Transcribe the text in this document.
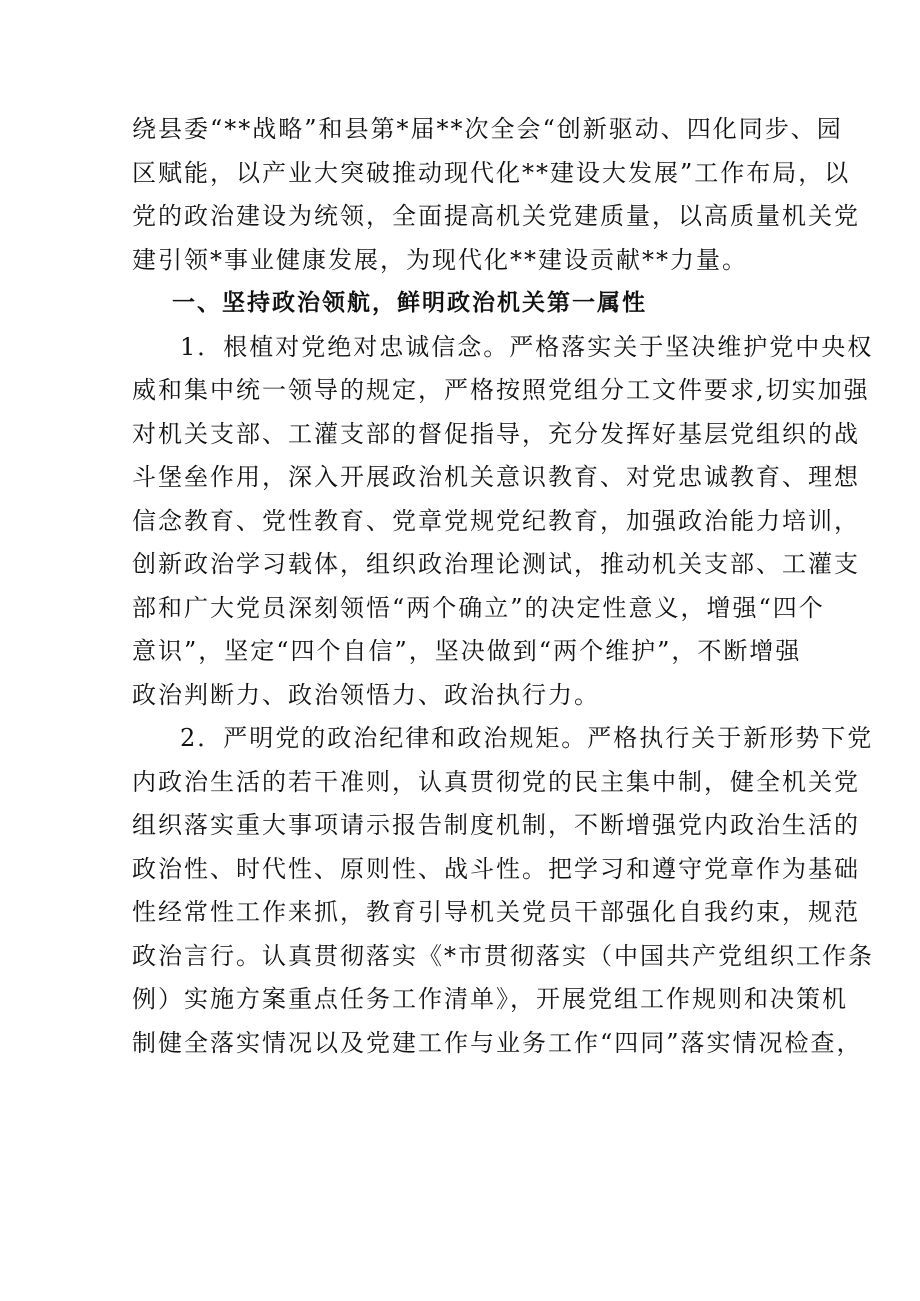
绕县委“**战略”和县第*届**次全会“创新驱动、四化同步、园
区赋能，以产业大突破推动现代化**建设大发展”工作布局，以
党的政治建设为统领，全面提高机关党建质量，以高质量机关党
建引领*事业健康发展，为现代化**建设贡献**力量。
一、坚持政治领航，鲜明政治机关第一属性
1．根植对党绝对忠诚信念。严格落实关于坚决维护党中央权
威和集中统一领导的规定，严格按照党组分工文件要求,切实加强
对机关支部、工灌支部的督促指导，充分发挥好基层党组织的战
斗堡垒作用，深入开展政治机关意识教育、对党忠诚教育、理想
信念教育、党性教育、党章党规党纪教育，加强政治能力培训，
创新政治学习载体，组织政治理论测试，推动机关支部、工灌支
部和广大党员深刻领悟“两个确立”的决定性意义，增强“四个
意识”，坚定“四个自信”，坚决做到“两个维护”，不断增强
政治判断力、政治领悟力、政治执行力。
2．严明党的政治纪律和政治规矩。严格执行关于新形势下党
内政治生活的若干准则，认真贯彻党的民主集中制，健全机关党
组织落实重大事项请示报告制度机制，不断增强党内政治生活的
政治性、时代性、原则性、战斗性。把学习和遵守党章作为基础
性经常性工作来抓，教育引导机关党员干部强化自我约束，规范
政治言行。认真贯彻落实《*市贯彻落实（中国共产党组织工作条
例）实施方案重点任务工作清单》，开展党组工作规则和决策机
制健全落实情况以及党建工作与业务工作“四同”落实情况检查，
